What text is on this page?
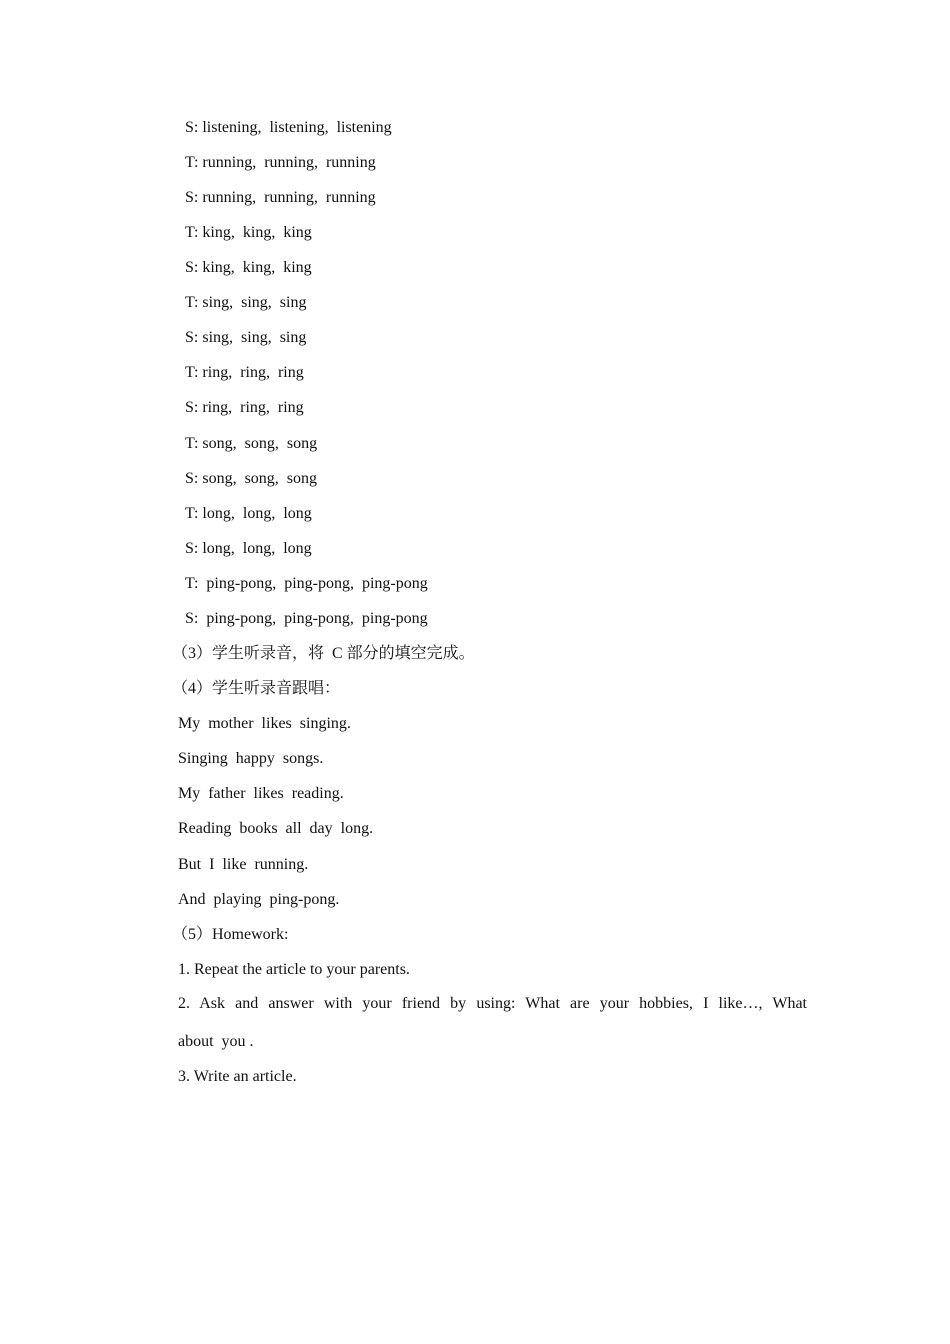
S: listening,  listening,  listening
T: running,  running,  running
S: running,  running,  running
T: king,  king,  king
S: king,  king,  king
T: sing,  sing,  sing
S: sing,  sing,  sing
T: ring,  ring,  ring
S: ring,  ring,  ring
T: song,  song,  song
S: song,  song,  song
T: long,  long,  long
S: long,  long,  long
T:  ping-pong,  ping-pong,  ping-pong
S:  ping-pong,  ping-pong,  ping-pong
（3）学生听录音，将  C 部分的填空完成。
（4）学生听录音跟唱：
My  mother  likes  singing.
Singing  happy  songs.
My  father  likes  reading.
Reading  books  all  day  long.
But  I  like  running.
And  playing  ping-pong.
（5）Homework:
1. Repeat the article to your parents.
2. Ask and answer with your friend by using: What are your hobbies, I like…, What
about  you .
3. Write an article.
